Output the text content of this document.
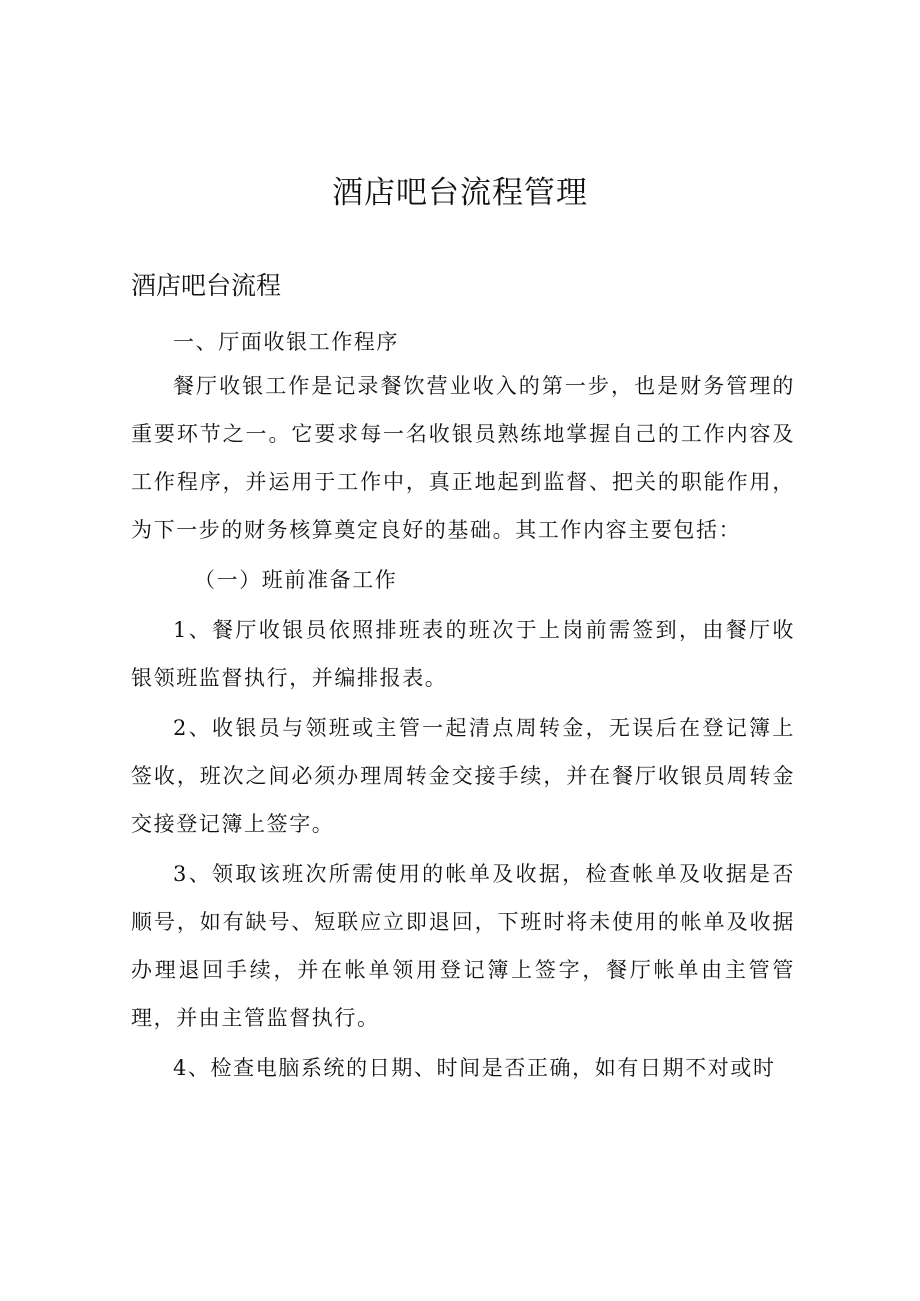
酒店吧台流程管理
酒店吧台流程

一、厅面收银工作程序

餐厅收银工作是记录餐饮营业收入的第一步，也是财务管理的重要环节之一。它要求每一名收银员熟练地掌握自己的工作内容及工作程序，并运用于工作中，真正地起到监督、把关的职能作用，为下一步的财务核算奠定良好的基础。其工作内容主要包括：

（一）班前准备工作

1、餐厅收银员依照排班表的班次于上岗前需签到，由餐厅收银领班监督执行，并编排报表。

2、收银员与领班或主管一起清点周转金，无误后在登记簿上签收，班次之间必须办理周转金交接手续，并在餐厅收银员周转金交接登记簿上签字。

3、领取该班次所需使用的帐单及收据，检查帐单及收据是否顺号，如有缺号、短联应立即退回，下班时将未使用的帐单及收据办理退回手续，并在帐单领用登记簿上签字，餐厅帐单由主管管理，并由主管监督执行。

4、检查电脑系统的日期、时间是否正确，如有日期不对或时
